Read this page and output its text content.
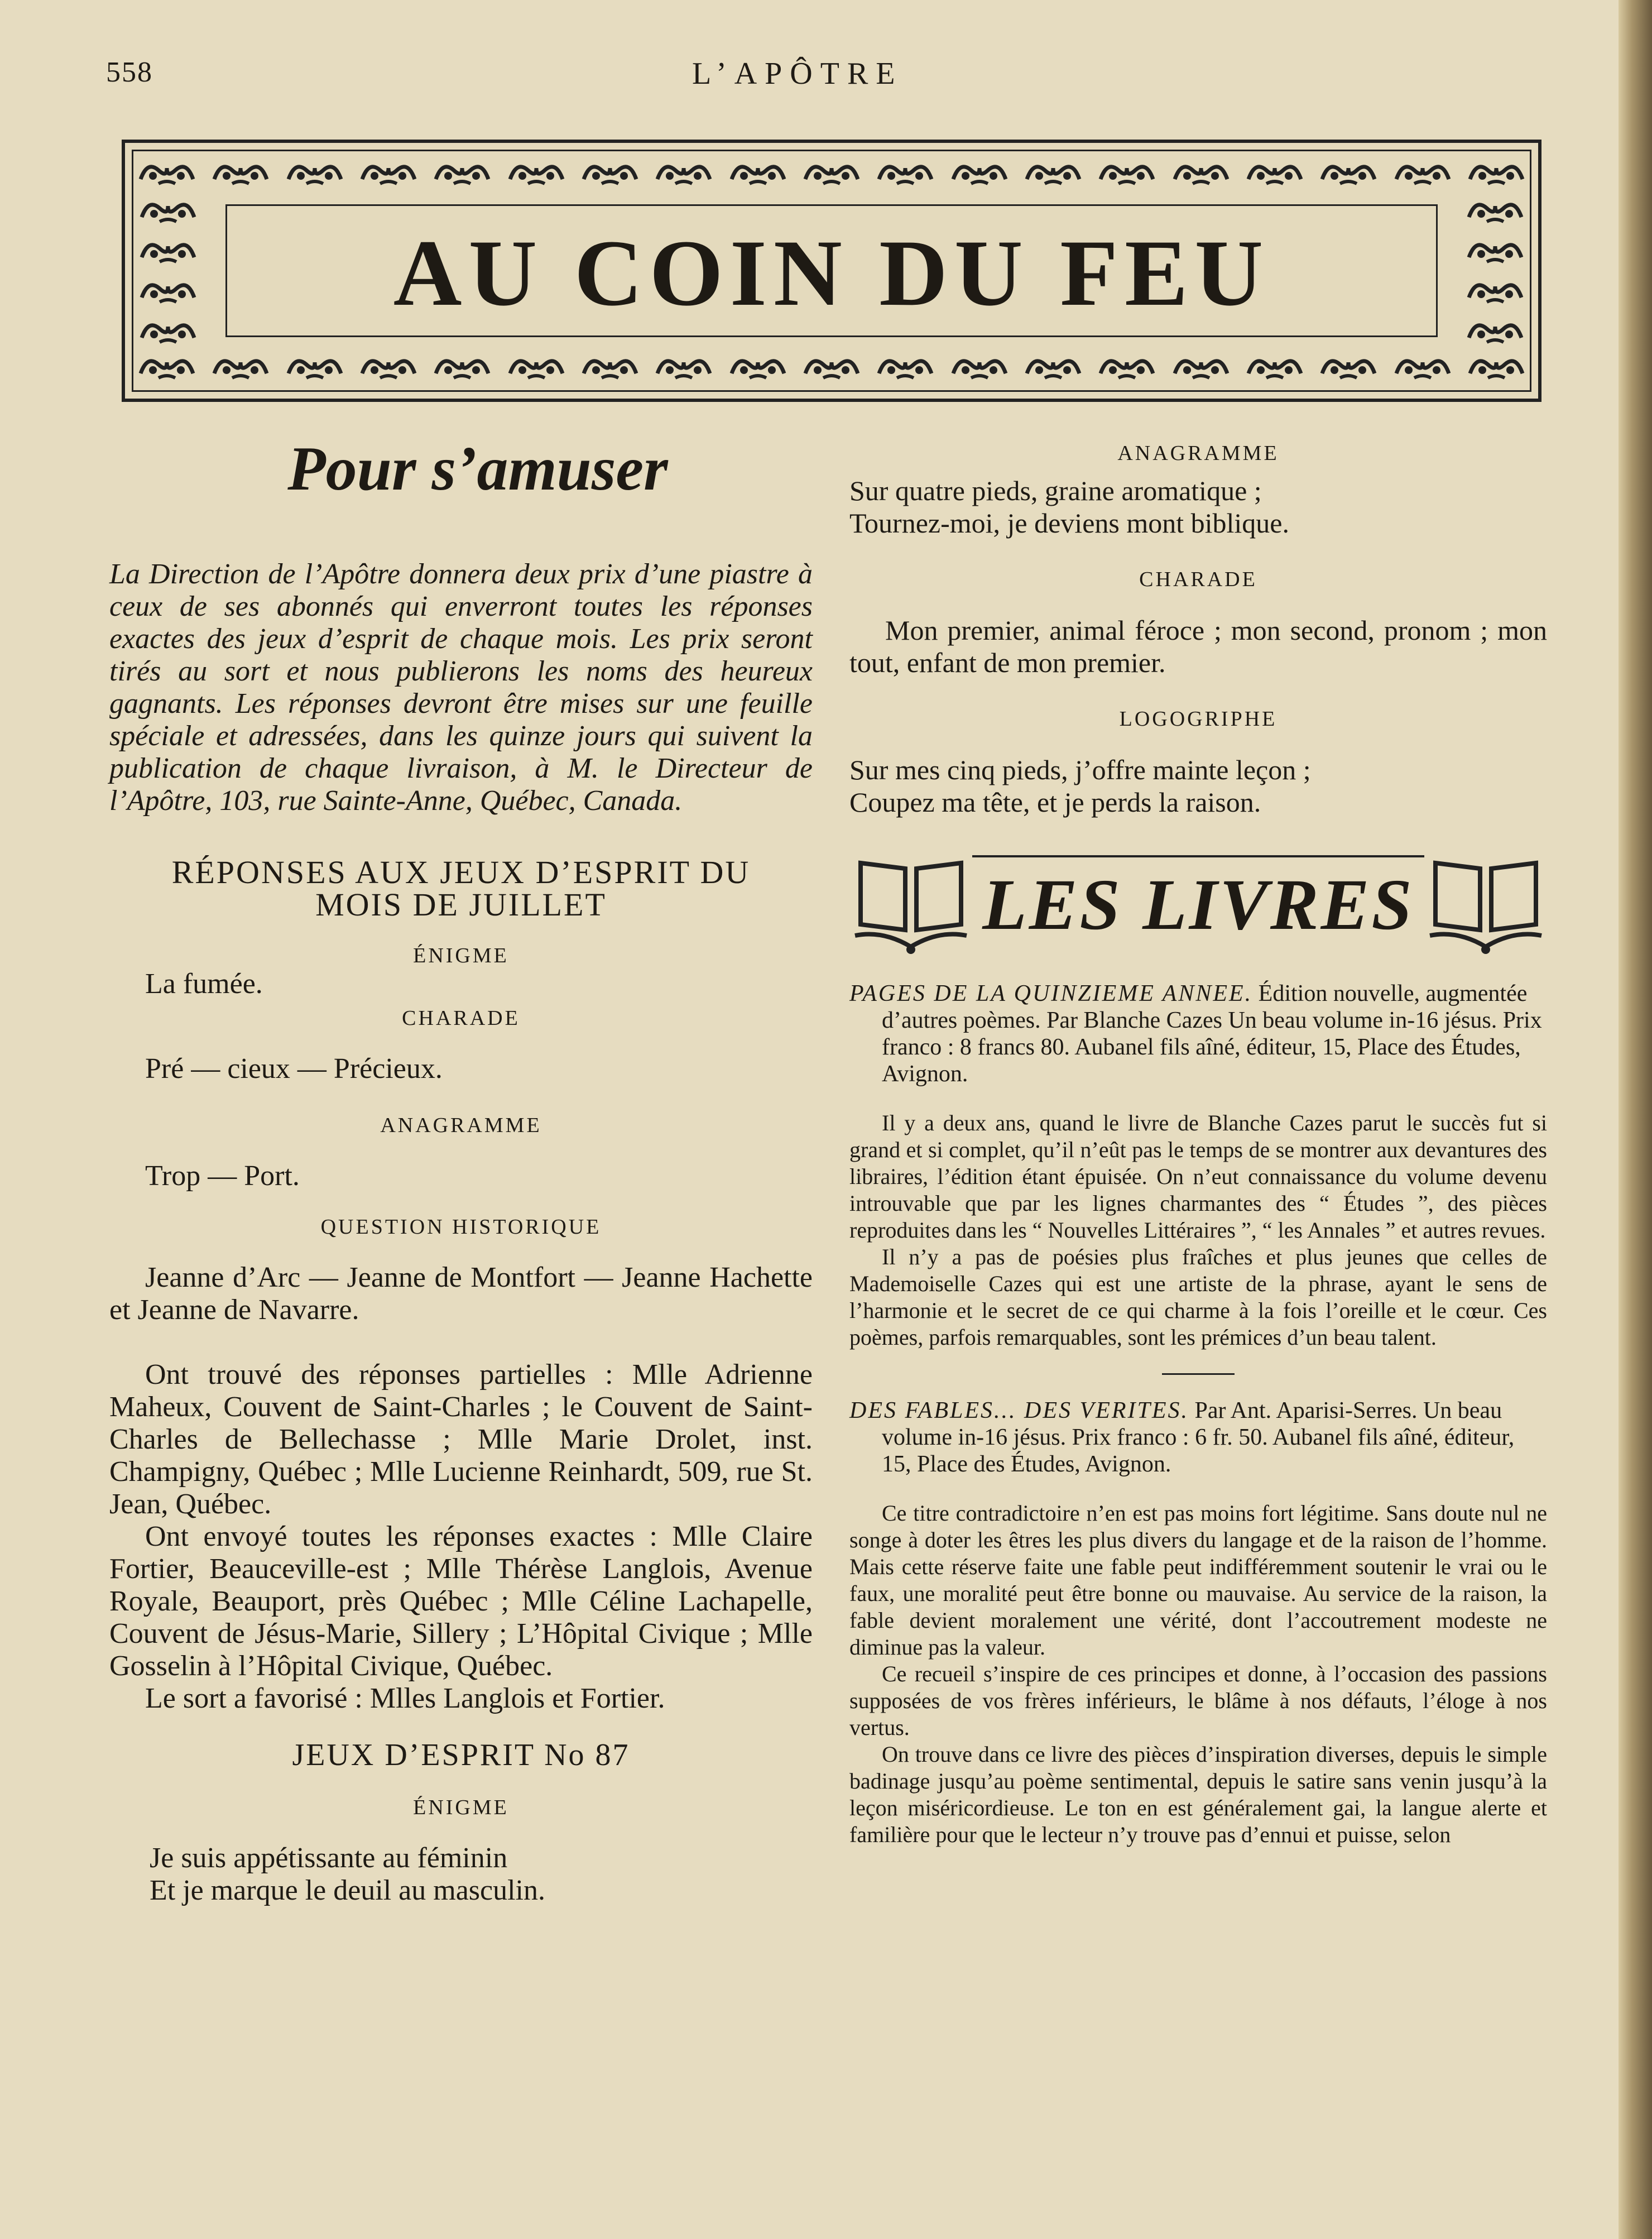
558	L’APÔTRE
AU COIN DU FEU
Pour s’amuser
La Direction de l’Apôtre donnera deux prix d’une piastre à ceux de ses abonnés qui enverront toutes les réponses exactes des jeux d’esprit de chaque mois. Les prix seront tirés au sort et nous publierons les noms des heureux gagnants. Les réponses devront être mises sur une feuille spéciale et adressées, dans les quinze jours qui suivent la publication de chaque livraison, à M. le Directeur de l’Apôtre, 103, rue Sainte-Anne, Québec, Canada.
RÉPONSES AUX JEUX D’ESPRIT DU
MOIS DE JUILLET
ÉNIGME
La fumée.
CHARADE
Pré — cieux — Précieux.
ANAGRAMME
Trop — Port.
QUESTION HISTORIQUE
Jeanne d’Arc — Jeanne de Montfort — Jeanne Hachette et Jeanne de Navarre.
Ont trouvé des réponses partielles : Mlle Adrienne Maheux, Couvent de Saint-Charles ; le Couvent de Saint-Charles de Bellechasse ; Mlle Marie Drolet, inst. Champigny, Québec ; Mlle Lucienne Reinhardt, 509, rue St. Jean, Québec.
Ont envoyé toutes les réponses exactes : Mlle Claire Fortier, Beauceville-est ; Mlle Thérèse Langlois, Avenue Royale, Beauport, près Québec ; Mlle Céline Lachapelle, Couvent de Jésus-Marie, Sillery ; L’Hôpital Civique ; Mlle Gosselin à l’Hôpital Civique, Québec.
Le sort a favorisé : Mlles Langlois et Fortier.
JEUX D’ESPRIT No 87
ÉNIGME
Je suis appétissante au féminin
Et je marque le deuil au masculin.
ANAGRAMME
Sur quatre pieds, graine aromatique ;
Tournez-moi, je deviens mont biblique.
CHARADE
Mon premier, animal féroce ; mon second, pronom ; mon tout, enfant de mon premier.
LOGOGRIPHE
Sur mes cinq pieds, j’offre mainte leçon ;
Coupez ma tête, et je perds la raison.
LES LIVRES
PAGES DE LA QUINZIEME ANNEE. Édition nouvelle, augmentée d’autres poèmes. Par Blanche Cazes Un beau volume in-16 jésus. Prix franco : 8 francs 80. Aubanel fils aîné, éditeur, 15, Place des Études, Avignon.
Il y a deux ans, quand le livre de Blanche Cazes parut le succès fut si grand et si complet, qu’il n’eût pas le temps de se montrer aux devantures des libraires, l’édition étant épuisée. On n’eut connaissance du volume devenu introuvable que par les lignes charmantes des “ Études ”, des pièces reproduites dans les “ Nouvelles Littéraires ”, “ les Annales ” et autres revues.
Il n’y a pas de poésies plus fraîches et plus jeunes que celles de Mademoiselle Cazes qui est une artiste de la phrase, ayant le sens de l’harmonie et le secret de ce qui charme à la fois l’oreille et le cœur. Ces poèmes, parfois remarquables, sont les prémices d’un beau talent.
DES FABLES... DES VERITES. Par Ant. Aparisi-Serres. Un beau volume in-16 jésus. Prix franco : 6 fr. 50. Aubanel fils aîné, éditeur, 15, Place des Études, Avignon.
Ce titre contradictoire n’en est pas moins fort légitime. Sans doute nul ne songe à doter les êtres les plus divers du langage et de la raison de l’homme. Mais cette réserve faite une fable peut indifféremment soutenir le vrai ou le faux, une moralité peut être bonne ou mauvaise. Au service de la raison, la fable devient moralement une vérité, dont l’accoutrement modeste ne diminue pas la valeur.
Ce recueil s’inspire de ces principes et donne, à l’occasion des passions supposées de vos frères inférieurs, le blâme à nos défauts, l’éloge à nos vertus.
On trouve dans ce livre des pièces d’inspiration diverses, depuis le simple badinage jusqu’au poème sentimental, depuis le satire sans venin jusqu’à la leçon miséricordieuse. Le ton en est généralement gai, la langue alerte et familière pour que le lecteur n’y trouve pas d’ennui et puisse, selon
